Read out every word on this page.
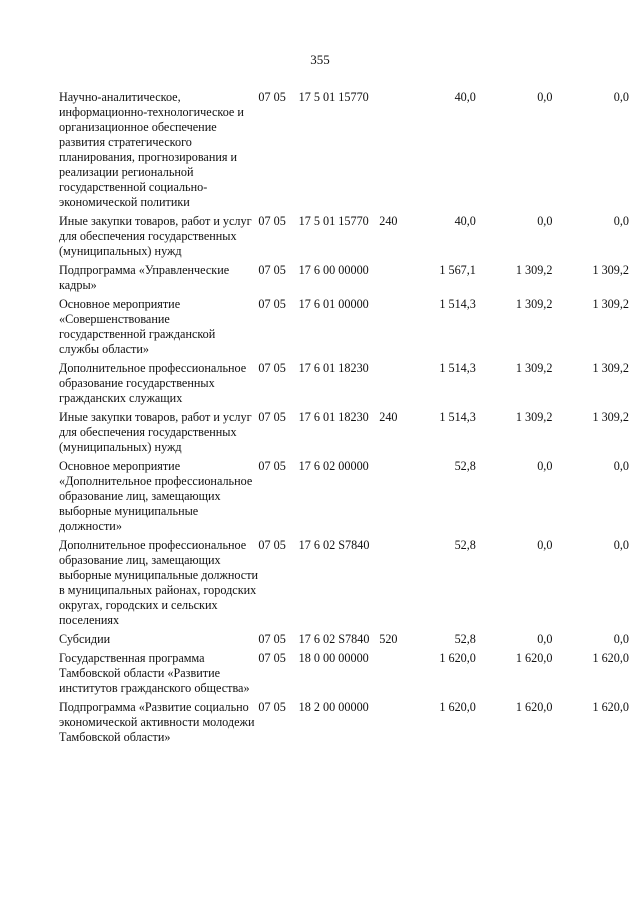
355
Научно-аналитическое, информационно-технологическое и организационное обеспечение развития стратегического планирования, прогнозирования и реализации региональной государственной социально-экономической политики	07 05	17 5 01 15770		40,0	0,0	0,0
Иные закупки товаров, работ и услуг для обеспечения государственных (муниципальных) нужд	07 05	17 5 01 15770	240	40,0	0,0	0,0
Подпрограмма «Управленческие кадры»	07 05	17 6 00 00000		1 567,1	1 309,2	1 309,2
Основное мероприятие «Совершенствование государственной гражданской службы области»	07 05	17 6 01 00000		1 514,3	1 309,2	1 309,2
Дополнительное профессиональное образование государственных гражданских служащих	07 05	17 6 01 18230		1 514,3	1 309,2	1 309,2
Иные закупки товаров, работ и услуг для обеспечения государственных (муниципальных) нужд	07 05	17 6 01 18230	240	1 514,3	1 309,2	1 309,2
Основное мероприятие «Дополнительное профессиональное образование лиц, замещающих выборные муниципальные должности»	07 05	17 6 02 00000		52,8	0,0	0,0
Дополнительное профессиональное образование лиц, замещающих выборные муниципальные должности в муниципальных районах, городских округах, городских и сельских поселениях	07 05	17 6 02 S7840		52,8	0,0	0,0
Субсидии	07 05	17 6 02 S7840	520	52,8	0,0	0,0
Государственная программа Тамбовской области «Развитие институтов гражданского общества»	07 05	18 0 00 00000		1 620,0	1 620,0	1 620,0
Подпрограмма «Развитие социально экономической активности молодежи Тамбовской области»	07 05	18 2 00 00000		1 620,0	1 620,0	1 620,0
